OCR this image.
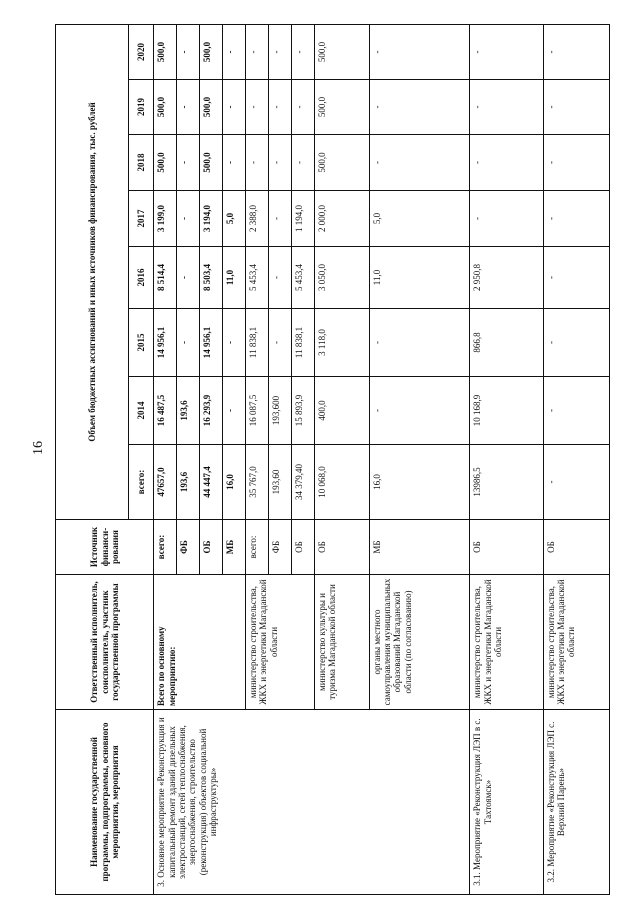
16
Наименование государственной программы, подпрограммы, основного мероприятия, мероприятия	Ответственный исполнитель, соисполнитель, участник государственной программы	Источник финанси-рования	Объем бюджетных ассигнований и иных источников финансирования, тыс. рублей							
			всего:	2014	2015	2016	2017	2018	2019	2020
3. Основное мероприятие «Реконструкция и капитальный ремонт зданий дизельных электростанций, сетей теплоснабжения, энергоснабжения, строительство (реконструкция) объектов социальной инфраструктуры»	Всего по основному мероприятию:	всего:	47657,0	16 487,5	14 956,1	8 514,4	3 199,0	500,0	500,0	500,0
		ФБ	193,6	193,6	-	-	-	-	-	-
		ОБ	44 447,4	16 293,9	14 956,1	8 503,4	3 194,0	500,0	500,0	500,0
		МБ	16,0	-	-	11,0	5,0	-	-	-
	министерство строительства, ЖКХ и энергетики Магаданской области	всего:	35 767,0	16 087,5	11 838,1	5 453,4	2 388,0	-	-	-
		ФБ	193,60	193,600	-	-	-	-	-	-
		ОБ	34 379,40	15 893,9	11 838,1	5 453,4	1 194,0	-	-	-
	министерство культуры и туризма Магаданской области	ОБ	10 068,0	400,0	3 118,0	3 050,0	2 000,0	500,0	500,0	500,0
	органы местного самоуправления муниципальных образований Магаданской области (по согласованию)	МБ	16,0	-	-	11,0	5,0	-	-	-
3.1. Мероприятие «Реконструкция ЛЭП в с. Тахтоямск»	министерство строительства, ЖКХ и энергетики Магаданской области	ОБ	13986,5	10 168,9	866,8	2 950,8	-	-	-	-
3.2. Мероприятие «Реконструкция ЛЭП с. Верхний Парень»	министерство строительства, ЖКХ и энергетики Магаданской области	ОБ	-	-	-	-	-	-	-	-
